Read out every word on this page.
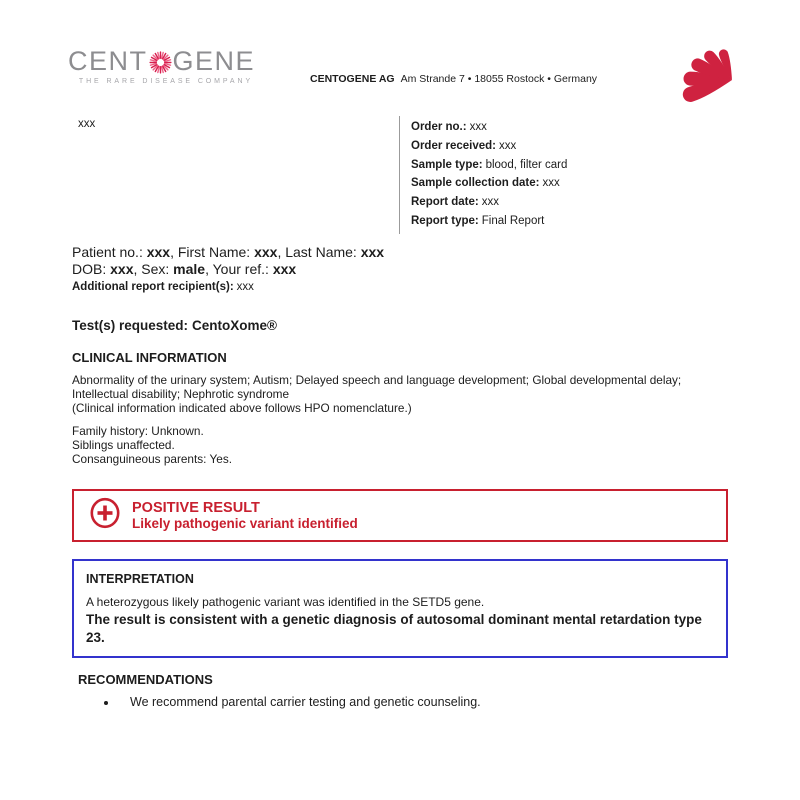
CENT GENE
THE RARE DISEASE COMPANY	CENTOGENE AG Am Strande 7 • 18055 Rostock • Germany
xxx	Order no.: xxx
Order received: xxx
Sample type: blood, filter card
Sample collection date: xxx
Report date: xxx
Report type: Final Report
Patient no.: xxx, First Name: xxx, Last Name: xxx
DOB: xxx, Sex: male, Your ref.: xxx
Additional report recipient(s): xxx
Test(s) requested: CentoXome®
CLINICAL INFORMATION
Abnormality of the urinary system; Autism; Delayed speech and language development; Global developmental delay; Intellectual disability; Nephrotic syndrome
(Clinical information indicated above follows HPO nomenclature.)
Family history: Unknown.
Siblings unaffected.
Consanguineous parents: Yes.
POSITIVE RESULT
Likely pathogenic variant identified
INTERPRETATION
A heterozygous likely pathogenic variant was identified in the SETD5 gene.
The result is consistent with a genetic diagnosis of autosomal dominant mental retardation type 23.
RECOMMENDATIONS
• We recommend parental carrier testing and genetic counseling.
